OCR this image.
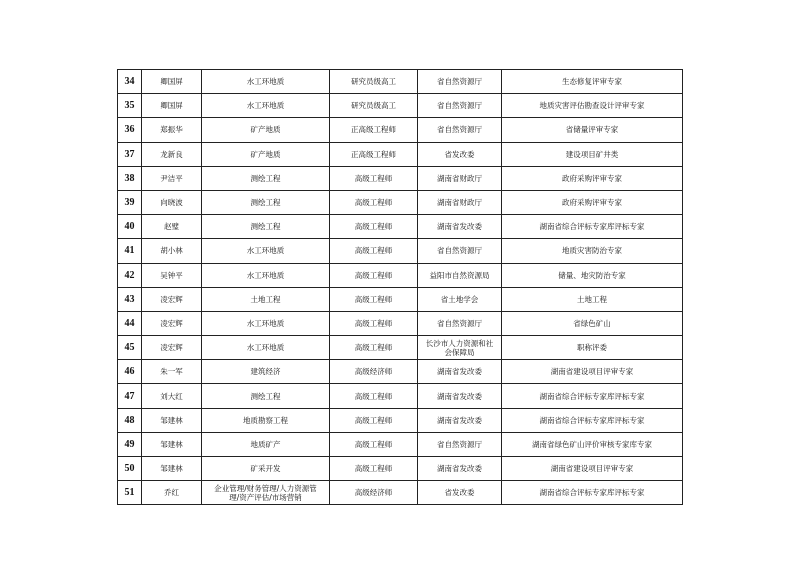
34	卿国屏	水工环地质	研究员级高工	省自然资源厅	生态修复评审专家
35	卿国屏	水工环地质	研究员级高工	省自然资源厅	地质灾害评估勘查设计评审专家
36	郑振华	矿产地质	正高级工程师	省自然资源厅	省储量评审专家
37	龙新良	矿产地质	正高级工程师	省发改委	建设项目矿井类
38	尹洁平	测绘工程	高级工程师	湖南省财政厅	政府采购评审专家
39	向晓波	测绘工程	高级工程师	湖南省财政厅	政府采购评审专家
40	赵璧	测绘工程	高级工程师	湖南省发改委	湖南省综合评标专家库评标专家
41	胡小林	水工环地质	高级工程师	省自然资源厅	地质灾害防治专家
42	吴钟平	水工环地质	高级工程师	益阳市自然资源局	储量、地灾防治专家
43	凌宏辉	土地工程	高级工程师	省土地学会	土地工程
44	凌宏辉	水工环地质	高级工程师	省自然资源厅	省绿色矿山
45	凌宏辉	水工环地质	高级工程师	长沙市人力资源和社
会保障局	职称评委
46	朱一军	建筑经济	高级经济师	湖南省发改委	湖南省建设项目评审专家
47	刘大红	测绘工程	高级工程师	湖南省发改委	湖南省综合评标专家库评标专家
48	邹建林	地质勘察工程	高级工程师	湖南省发改委	湖南省综合评标专家库评标专家
49	邹建林	地质矿产	高级工程师	省自然资源厅	湖南省绿色矿山评价审核专家库专家
50	邹建林	矿采开发	高级工程师	湖南省发改委	湖南省建设项目评审专家
51	乔红	企业管理/财务管理/人力资源管
理/资产评估/市场营销	高级经济师	省发改委	湖南省综合评标专家库评标专家
